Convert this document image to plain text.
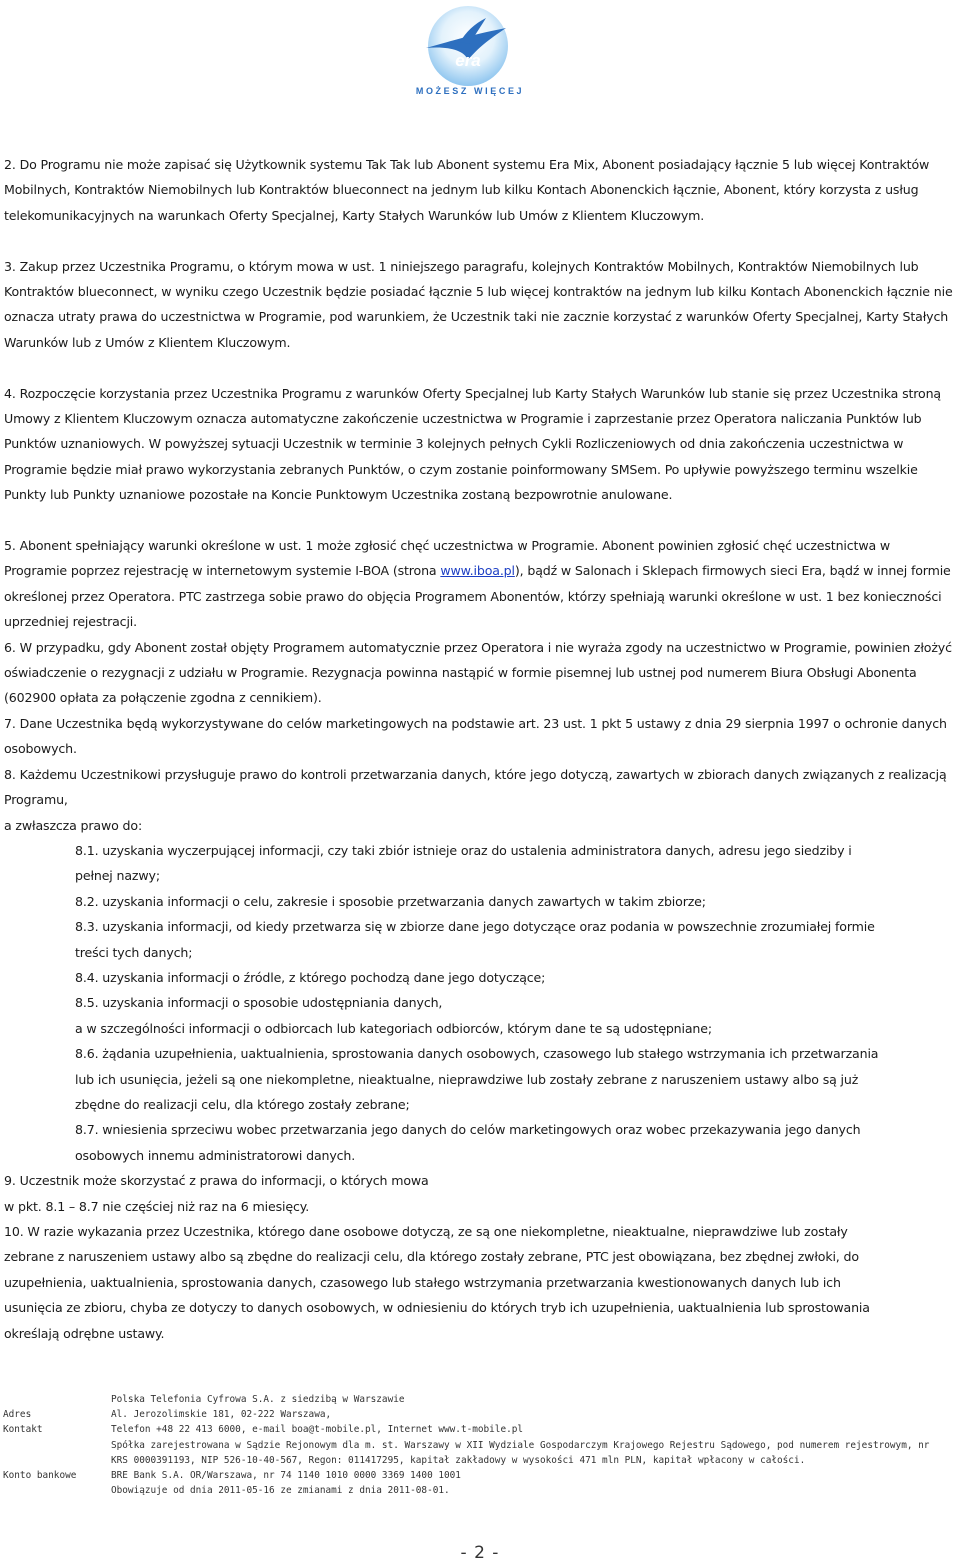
era
MOŻESZ WIĘCEJ

2. Do Programu nie może zapisać się Użytkownik systemu Tak Tak lub Abonent systemu Era Mix, Abonent posiadający łącznie 5 lub więcej Kontraktów Mobilnych, Kontraktów Niemobilnych lub Kontraktów blueconnect na jednym lub kilku Kontach Abonenckich łącznie, Abonent, który korzysta z usług telekomunikacyjnych na warunkach Oferty Specjalnej, Karty Stałych Warunków lub Umów z Klientem Kluczowym.

3. Zakup przez Uczestnika Programu, o którym mowa w ust. 1 niniejszego paragrafu, kolejnych Kontraktów Mobilnych, Kontraktów Niemobilnych lub Kontraktów blueconnect, w wyniku czego Uczestnik będzie posiadać łącznie 5 lub więcej kontraktów na jednym lub kilku Kontach Abonenckich łącznie nie oznacza utraty prawa do uczestnictwa w Programie, pod warunkiem, że Uczestnik taki nie zacznie korzystać z warunków Oferty Specjalnej, Karty Stałych Warunków lub z Umów z Klientem Kluczowym.

4. Rozpoczęcie korzystania przez Uczestnika Programu z warunków Oferty Specjalnej lub Karty Stałych Warunków lub stanie się przez Uczestnika stroną Umowy z Klientem Kluczowym oznacza automatyczne zakończenie uczestnictwa w Programie i zaprzestanie przez Operatora naliczania Punktów lub Punktów uznaniowych. W powyższej sytuacji Uczestnik w terminie 3 kolejnych pełnych Cykli Rozliczeniowych od dnia zakończenia uczestnictwa w Programie będzie miał prawo wykorzystania zebranych Punktów, o czym zostanie poinformowany SMSem. Po upływie powyższego terminu wszelkie Punkty lub Punkty uznaniowe pozostałe na Koncie Punktowym Uczestnika zostaną bezpowrotnie anulowane.

5. Abonent spełniający warunki określone w ust. 1 może zgłosić chęć uczestnictwa w Programie. Abonent powinien zgłosić chęć uczestnictwa w Programie poprzez rejestrację w internetowym systemie I-BOA (strona www.iboa.pl), bądź w Salonach i Sklepach firmowych sieci Era, bądź w innej formie określonej przez Operatora. PTC zastrzega sobie prawo do objęcia Programem Abonentów, którzy spełniają warunki określone w ust. 1 bez konieczności uprzedniej rejestracji.

6. W przypadku, gdy Abonent został objęty Programem automatycznie przez Operatora i nie wyraża zgody na uczestnictwo w Programie, powinien złożyć oświadczenie o rezygnacji z udziału w Programie. Rezygnacja powinna nastąpić w formie pisemnej lub ustnej pod numerem Biura Obsługi Abonenta (602900 opłata za połączenie zgodna z cennikiem).

7. Dane Uczestnika będą wykorzystywane do celów marketingowych na podstawie art. 23 ust. 1 pkt 5 ustawy z dnia 29 sierpnia 1997 o ochronie danych osobowych.

8. Każdemu Uczestnikowi przysługuje prawo do kontroli przetwarzania danych, które jego dotyczą, zawartych w zbiorach danych związanych z realizacją Programu,

a zwłaszcza prawo do:

8.1. uzyskania wyczerpującej informacji, czy taki zbiór istnieje oraz do ustalenia administratora danych, adresu jego siedziby i pełnej nazwy;

8.2. uzyskania informacji o celu, zakresie i sposobie przetwarzania danych zawartych w takim zbiorze;

8.3. uzyskania informacji, od kiedy przetwarza się w zbiorze dane jego dotyczące oraz podania w powszechnie zrozumiałej formie treści tych danych;

8.4. uzyskania informacji o źródle, z którego pochodzą dane jego dotyczące;

8.5. uzyskania informacji o sposobie udostępniania danych,

a w szczególności informacji o odbiorcach lub kategoriach odbiorców, którym dane te są udostępniane;

8.6. żądania uzupełnienia, uaktualnienia, sprostowania danych osobowych, czasowego lub stałego wstrzymania ich przetwarzania lub ich usunięcia, jeżeli są one niekompletne, nieaktualne, nieprawdziwe lub zostały zebrane z naruszeniem ustawy albo są już zbędne do realizacji celu, dla którego zostały zebrane;

8.7. wniesienia sprzeciwu wobec przetwarzania jego danych do celów marketingowych oraz wobec przekazywania jego danych osobowych innemu administratorowi danych.

9. Uczestnik może skorzystać z prawa do informacji, o których mowa

w pkt. 8.1 – 8.7 nie częściej niż raz na 6 miesięcy.

10. W razie wykazania przez Uczestnika, którego dane osobowe dotyczą, ze są one niekompletne, nieaktualne, nieprawdziwe lub zostały zebrane z naruszeniem ustawy albo są zbędne do realizacji celu, dla którego zostały zebrane, PTC jest obowiązana, bez zbędnej zwłoki, do uzupełnienia, uaktualnienia, sprostowania danych, czasowego lub stałego wstrzymania przetwarzania kwestionowanych danych lub ich usunięcia ze zbioru, chyba ze dotyczy to danych osobowych, w odniesieniu do których tryb ich uzupełnienia, uaktualnienia lub sprostowania określają odrębne ustawy.

Polska Telefonia Cyfrowa S.A. z siedzibą w Warszawie
Adres	Al. Jerozolimskie 181, 02-222 Warszawa,
Kontakt	Telefon +48 22 413 6000, e-mail boa@t-mobile.pl, Internet www.t-mobile.pl
Spółka zarejestrowana w Sądzie Rejonowym dla m. st. Warszawy w XII Wydziale Gospodarczym Krajowego Rejestru Sądowego, pod numerem rejestrowym, nr
KRS 0000391193, NIP 526-10-40-567, Regon: 011417295, kapitał zakładowy w wysokości 471 mln PLN, kapitał wpłacony w całości.
Konto bankowe	BRE Bank S.A. OR/Warszawa, nr 74 1140 1010 0000 3369 1400 1001
Obowiązuje od dnia 2011-05-16 ze zmianami z dnia 2011-08-01.
- 2 -
